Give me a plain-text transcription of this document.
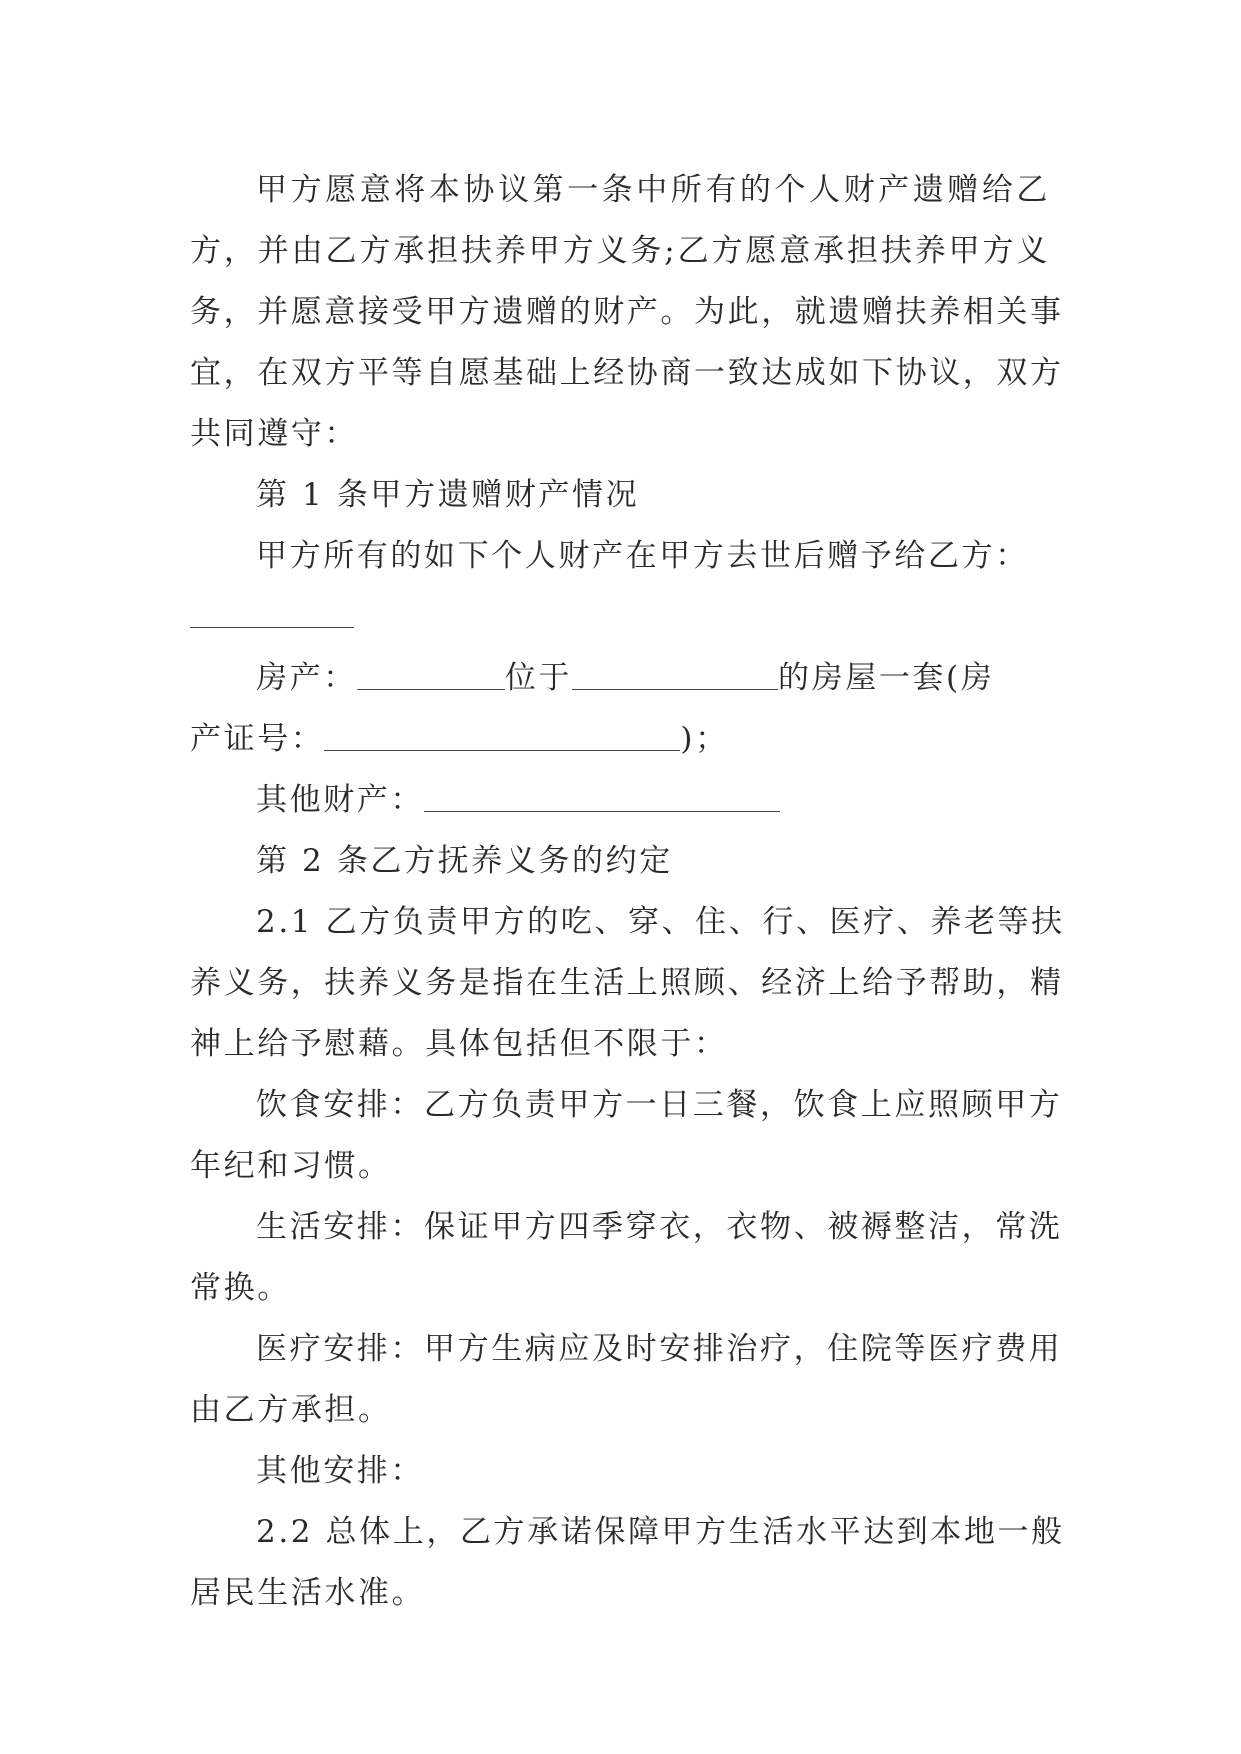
甲方愿意将本协议第一条中所有的个人财产遗赠给乙
方，并由乙方承担扶养甲方义务;乙方愿意承担扶养甲方义
务，并愿意接受甲方遗赠的财产。为此，就遗赠扶养相关事
宜，在双方平等自愿基础上经协商一致达成如下协议，双方
共同遵守：

第 1 条甲方遗赠财产情况

甲方所有的如下个人财产在甲方去世后赠予给乙方：

房产：	位于	的房屋一套(房
产证号：	)；

其他财产：

第 2 条乙方抚养义务的约定

2.1 乙方负责甲方的吃、穿、住、行、医疗、养老等扶
养义务，扶养义务是指在生活上照顾、经济上给予帮助，精
神上给予慰藉。具体包括但不限于：
饮食安排：乙方负责甲方一日三餐，饮食上应照顾甲方
年纪和习惯。
生活安排：保证甲方四季穿衣，衣物、被褥整洁，常洗
常换。
医疗安排：甲方生病应及时安排治疗，住院等医疗费用
由乙方承担。

其他安排：

2.2 总体上，乙方承诺保障甲方生活水平达到本地一般
居民生活水准。
